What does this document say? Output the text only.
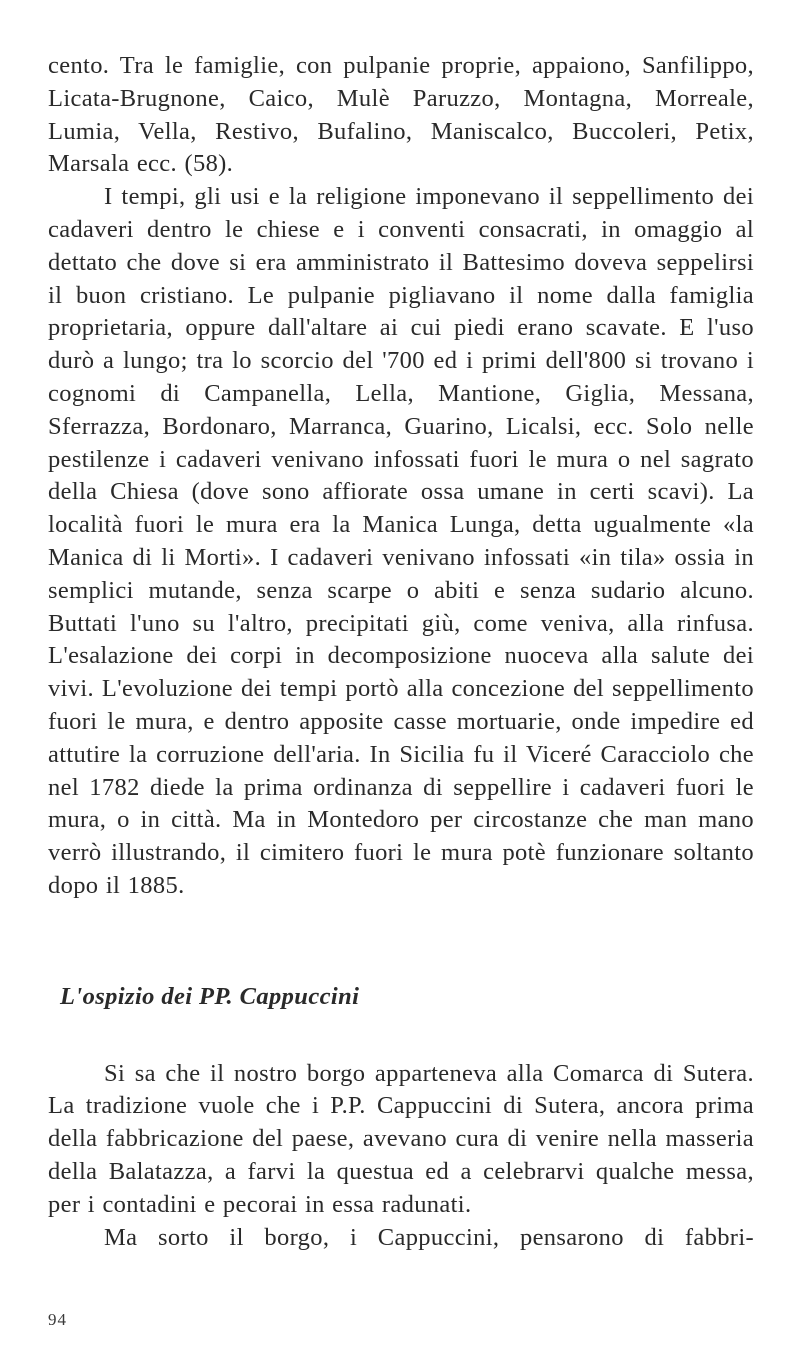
cento. Tra le famiglie, con pulpanie proprie, appaiono, Sanfilippo, Licata-Brugnone, Caico, Mulè Paruzzo, Montagna, Morreale, Lumia, Vella, Restivo, Bufalino, Maniscalco, Buccoleri, Petix, Marsala ecc. (58).

I tempi, gli usi e la religione imponevano il seppellimento dei cadaveri dentro le chiese e i conventi consacrati, in omaggio al dettato che dove si era amministrato il Battesimo doveva seppelirsi il buon cristiano. Le pulpanie pigliavano il nome dalla famiglia proprietaria, oppure dall'altare ai cui piedi erano scavate. E l'uso durò a lungo; tra lo scorcio del '700 ed i primi dell'800 si trovano i cognomi di Campanella, Lella, Mantione, Giglia, Messana, Sferrazza, Bordonaro, Marranca, Guarino, Licalsi, ecc. Solo nelle pestilenze i cadaveri venivano infossati fuori le mura o nel sagrato della Chiesa (dove sono affiorate ossa umane in certi scavi). La località fuori le mura era la Manica Lunga, detta ugualmente «la Manica di li Morti». I cadaveri venivano infossati «in tila» ossia in semplici mutande, senza scarpe o abiti e senza sudario alcuno. Buttati l'uno su l'altro, precipitati giù, come veniva, alla rinfusa. L'esalazione dei corpi in decomposizione nuoceva alla salute dei vivi. L'evoluzione dei tempi portò alla concezione del seppellimento fuori le mura, e dentro apposite casse mortuarie, onde impedire ed attutire la corruzione dell'aria. In Sicilia fu il Viceré Caracciolo che nel 1782 diede la prima ordinanza di seppellire i cadaveri fuori le mura, o in città. Ma in Montedoro per circostanze che man mano verrò illustrando, il cimitero fuori le mura potè funzionare soltanto dopo il 1885.

L'ospizio dei PP. Cappuccini

Si sa che il nostro borgo apparteneva alla Comarca di Sutera. La tradizione vuole che i P.P. Cappuccini di Sutera, ancora prima della fabbricazione del paese, avevano cura di venire nella masseria della Balatazza, a farvi la questua ed a celebrarvi qualche messa, per i contadini e pecorai in essa radunati.

Ma sorto il borgo, i Cappuccini, pensarono di fabbri-

94
